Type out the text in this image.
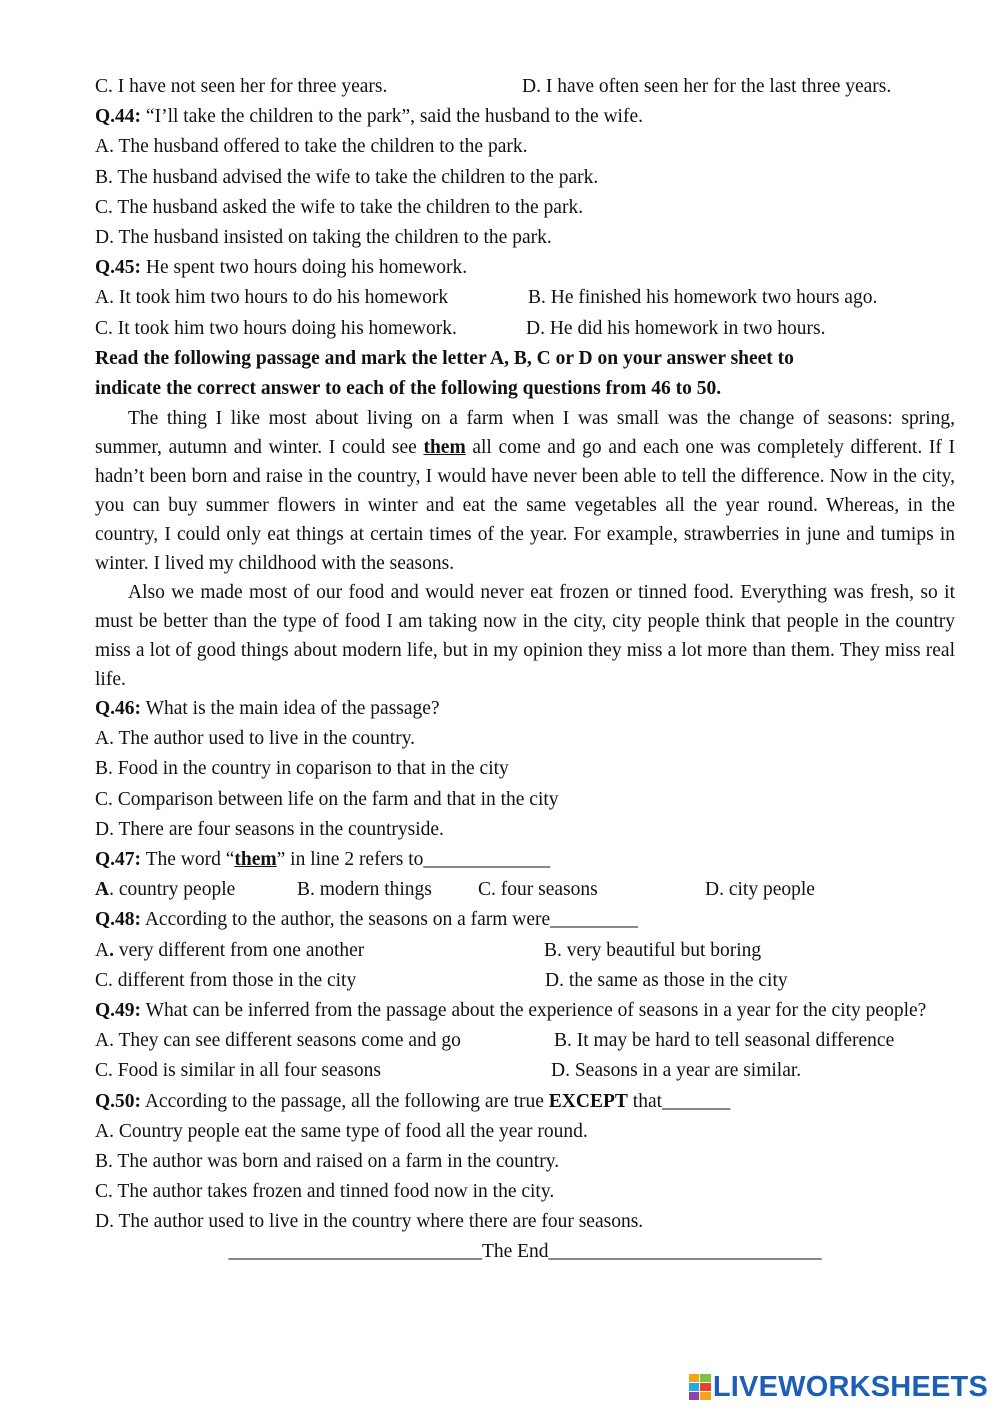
C. I have not seen her for three years.	D. I have often seen her for the last three years.
Q.44: “I’ll take the children to the park”, said the husband to the wife.
A. The husband offered to take the children to the park.
B. The husband advised the wife to take the children to the park.
C. The husband asked the wife to take the children to the park.
D. The husband insisted on taking the children to the park.
Q.45: He spent two hours doing his homework.
A. It took him two hours to do his homework	B. He finished his homework two hours ago.
C. It took him two hours doing his homework.	D. He did his homework in two hours.
Read the following passage and mark the letter A, B, C or D on your answer sheet to
indicate the correct answer to each of the following questions from 46 to 50.

The thing I like most about living on a farm when I was small was the change of seasons: spring, summer, autumn and winter. I could see them all come and go and each one was completely different. If I hadn’t been born and raise in the country, I would have never been able to tell the difference. Now in the city, you can buy summer flowers in winter and eat the same vegetables all the year round. Whereas, in the country, I could only eat things at certain times of the year. For example, strawberries in june and tumips in winter. I lived my childhood with the seasons.

Also we made most of our food and would never eat frozen or tinned food. Everything was fresh, so it must be better than the type of food I am taking now in the city, city people think that people in the country miss a lot of good things about modern life, but in my opinion they miss a lot more than them. They miss real life.

Q.46: What is the main idea of the passage?
A. The author used to live in the country.
B. Food in the country in coparison to that in the city
C. Comparison between life on the farm and that in the city
D. There are four seasons in the countryside.
Q.47: The word “them” in line 2 refers to_____________
A. country people	B. modern things C. four seasons	D. city people
Q.48: According to the author, the seasons on a farm were_________
A. very different from one another	B. very beautiful but boring
C. different from those in the city	D. the same as those in the city
Q.49: What can be inferred from the passage about the experience of seasons in a year for the city people?
A. They can see different seasons come and go	B. It may be hard to tell seasonal difference
C. Food is similar in all four seasons	D. Seasons in a year are similar.
Q.50: According to the passage, all the following are true EXCEPT that_______
A. Country people eat the same type of food all the year round.
B. The author was born and raised on a farm in the country.
C. The author takes frozen and tinned food now in the city.
D. The author used to live in the country where there are four seasons.
__________________________The End____________________________
LIVEWORKSHEETS
